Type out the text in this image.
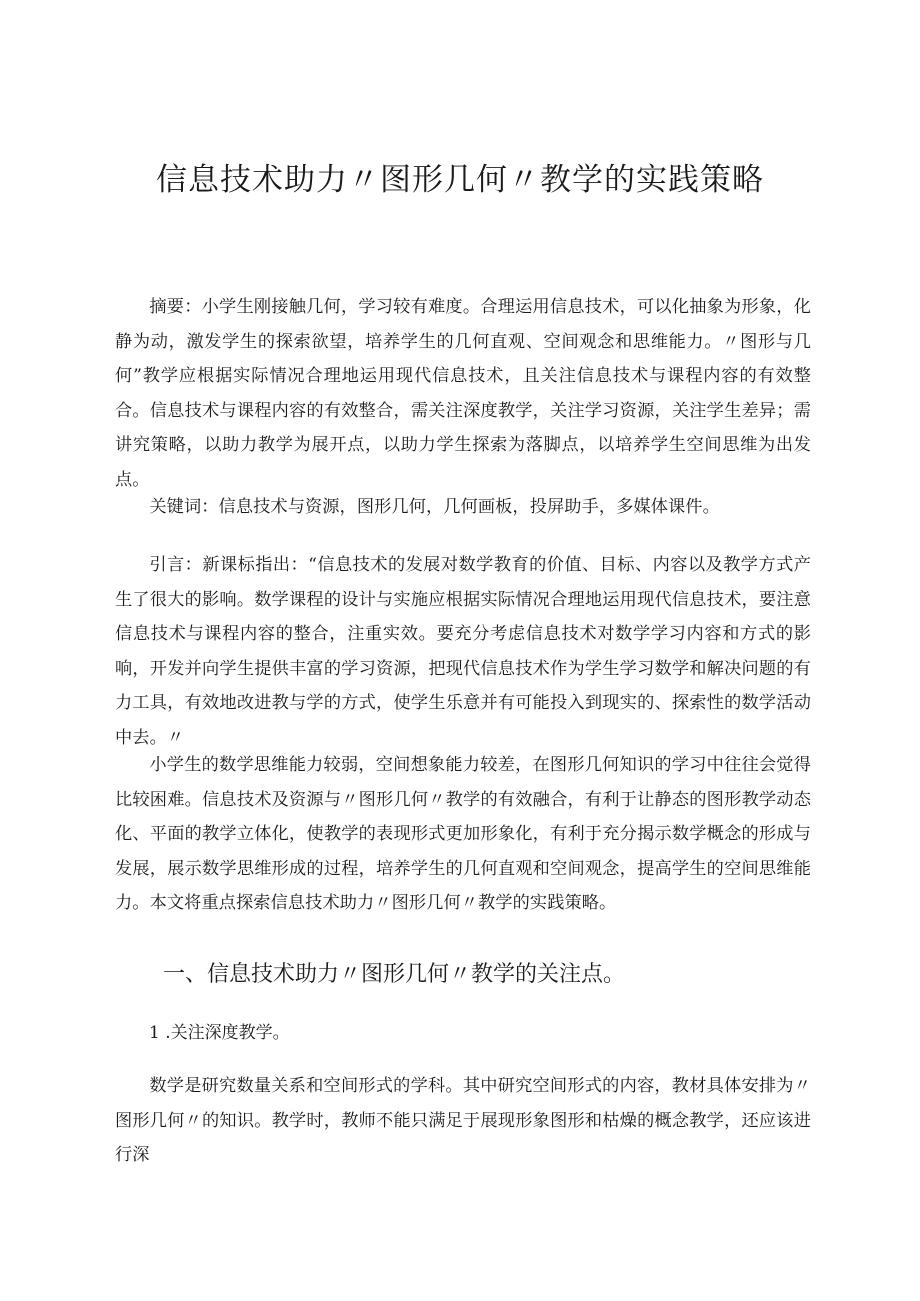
信息技术助力〃图形几何〃教学的实践策略

摘要：小学生刚接触几何，学习较有难度。合理运用信息技术，可以化抽象为形象，化静为动，激发学生的探索欲望，培养学生的几何直观、空间观念和思维能力。〃图形与几何”教学应根据实际情况合理地运用现代信息技术，且关注信息技术与课程内容的有效整合。信息技术与课程内容的有效整合，需关注深度教学，关注学习资源，关注学生差异；需讲究策略，以助力教学为展开点，以助力学生探索为落脚点，以培养学生空间思维为出发点。

关键词：信息技术与资源，图形几何，几何画板，投屏助手，多媒体课件。

引言：新课标指出：“信息技术的发展对数学教育的价值、目标、内容以及教学方式产生了很大的影响。数学课程的设计与实施应根据实际情况合理地运用现代信息技术，要注意信息技术与课程内容的整合，注重实效。要充分考虑信息技术对数学学习内容和方式的影响，开发并向学生提供丰富的学习资源，把现代信息技术作为学生学习数学和解决问题的有力工具，有效地改进教与学的方式，使学生乐意并有可能投入到现实的、探索性的数学活动中去。〃

小学生的数学思维能力较弱，空间想象能力较差，在图形几何知识的学习中往往会觉得比较困难。信息技术及资源与〃图形几何〃教学的有效融合，有利于让静态的图形教学动态化、平面的教学立体化，使教学的表现形式更加形象化，有利于充分揭示数学概念的形成与发展，展示数学思维形成的过程，培养学生的几何直观和空间观念，提高学生的空间思维能力。本文将重点探索信息技术助力〃图形几何〃教学的实践策略。

一、信息技术助力〃图形几何〃教学的关注点。
1 .关注深度教学。

数学是研究数量关系和空间形式的学科。其中研究空间形式的内容，教材具体安排为〃图形几何〃的知识。教学时，教师不能只满足于展现形象图形和枯燥的概念教学，还应该进行深
